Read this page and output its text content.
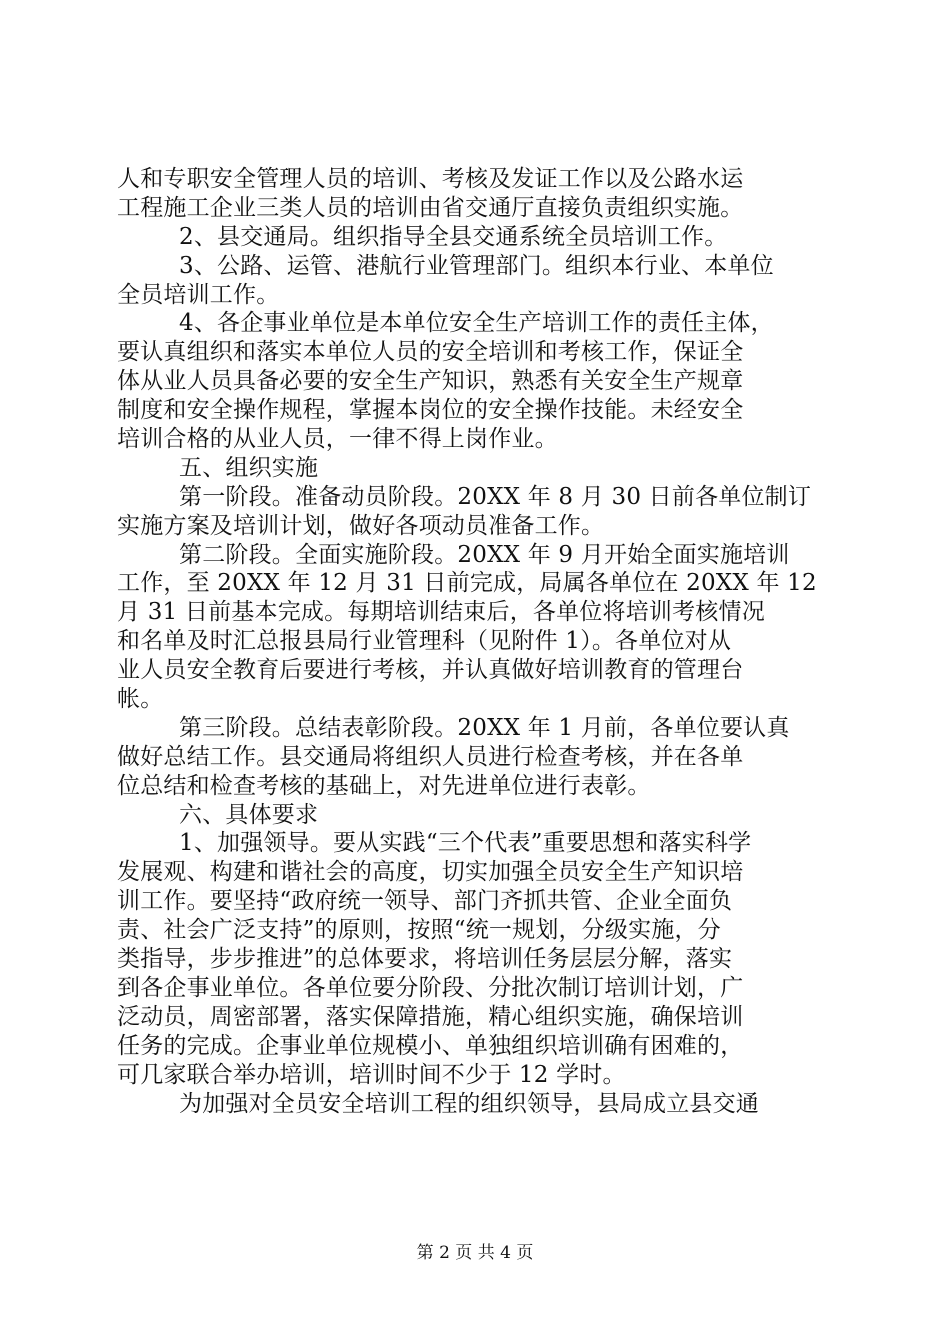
人和专职安全管理人员的培训、考核及发证工作以及公路水运
工程施工企业三类人员的培训由省交通厅直接负责组织实施。
2、县交通局。组织指导全县交通系统全员培训工作。
3、公路、运管、港航行业管理部门。组织本行业、本单位
全员培训工作。
4、各企事业单位是本单位安全生产培训工作的责任主体，
要认真组织和落实本单位人员的安全培训和考核工作，保证全
体从业人员具备必要的安全生产知识，熟悉有关安全生产规章
制度和安全操作规程，掌握本岗位的安全操作技能。未经安全
培训合格的从业人员，一律不得上岗作业。
五、组织实施
第一阶段。准备动员阶段。20XX 年 8 月 30 日前各单位制订
实施方案及培训计划，做好各项动员准备工作。
第二阶段。全面实施阶段。20XX 年 9 月开始全面实施培训
工作，至 20XX 年 12 月 31 日前完成，局属各单位在 20XX 年 12
月 31 日前基本完成。每期培训结束后，各单位将培训考核情况
和名单及时汇总报县局行业管理科（见附件 1）。各单位对从
业人员安全教育后要进行考核，并认真做好培训教育的管理台
帐。
第三阶段。总结表彰阶段。20XX 年 1 月前，各单位要认真
做好总结工作。县交通局将组织人员进行检查考核，并在各单
位总结和检查考核的基础上，对先进单位进行表彰。
六、具体要求
1、加强领导。要从实践“三个代表”重要思想和落实科学
发展观、构建和谐社会的高度，切实加强全员安全生产知识培
训工作。要坚持“政府统一领导、部门齐抓共管、企业全面负
责、社会广泛支持”的原则，按照“统一规划，分级实施，分
类指导，步步推进”的总体要求，将培训任务层层分解，落实
到各企事业单位。各单位要分阶段、分批次制订培训计划，广
泛动员，周密部署，落实保障措施，精心组织实施，确保培训
任务的完成。企事业单位规模小、单独组织培训确有困难的，
可几家联合举办培训，培训时间不少于 12 学时。
为加强对全员安全培训工程的组织领导，县局成立县交通
第 2 页 共 4 页
